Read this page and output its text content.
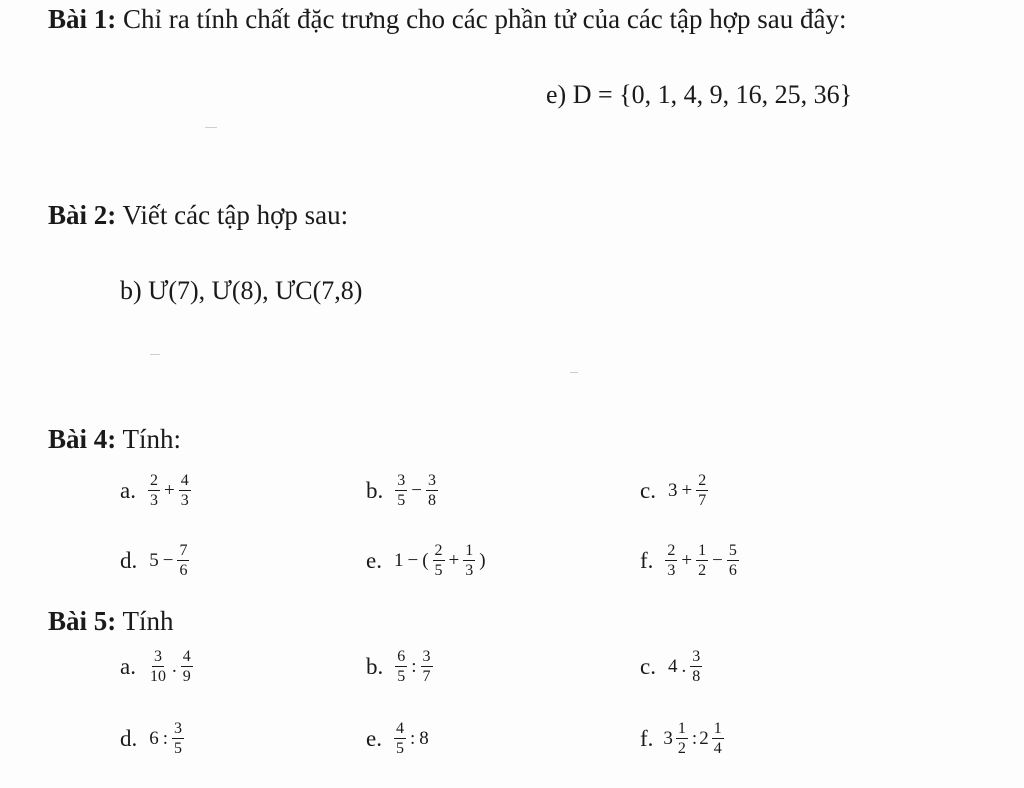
Bài 1: Chỉ ra tính chất đặc trưng cho các phần tử của các tập hợp sau đây:
e) D = {0, 1, 4, 9, 16, 25, 36}
Bài 2: Viết các tập hợp sau:
b) Ư(7), Ư(8), ƯC(7,8)
Bài 4: Tính:
a. $\frac{2}{3} + \frac{4}{3}$	b. $\frac{3}{5} - \frac{3}{8}$	c. $3 + \frac{2}{7}$
d. $5 - \frac{7}{6}$	e. 1 − ( $\frac{2}{5} + \frac{1}{3}$ )	f. $\frac{2}{3} + \frac{1}{2} - \frac{5}{6}$
Bài 5: Tính
a. $\frac{3}{10}$ . $\frac{4}{9}$	b. $\frac{6}{5}$ : $\frac{3}{7}$	c. 4 . $\frac{3}{8}$
d. 6 : $\frac{3}{5}$	e. $\frac{4}{5}$ : 8	f. $3 \frac{1}{2}$ : $2 \frac{1}{4}$
